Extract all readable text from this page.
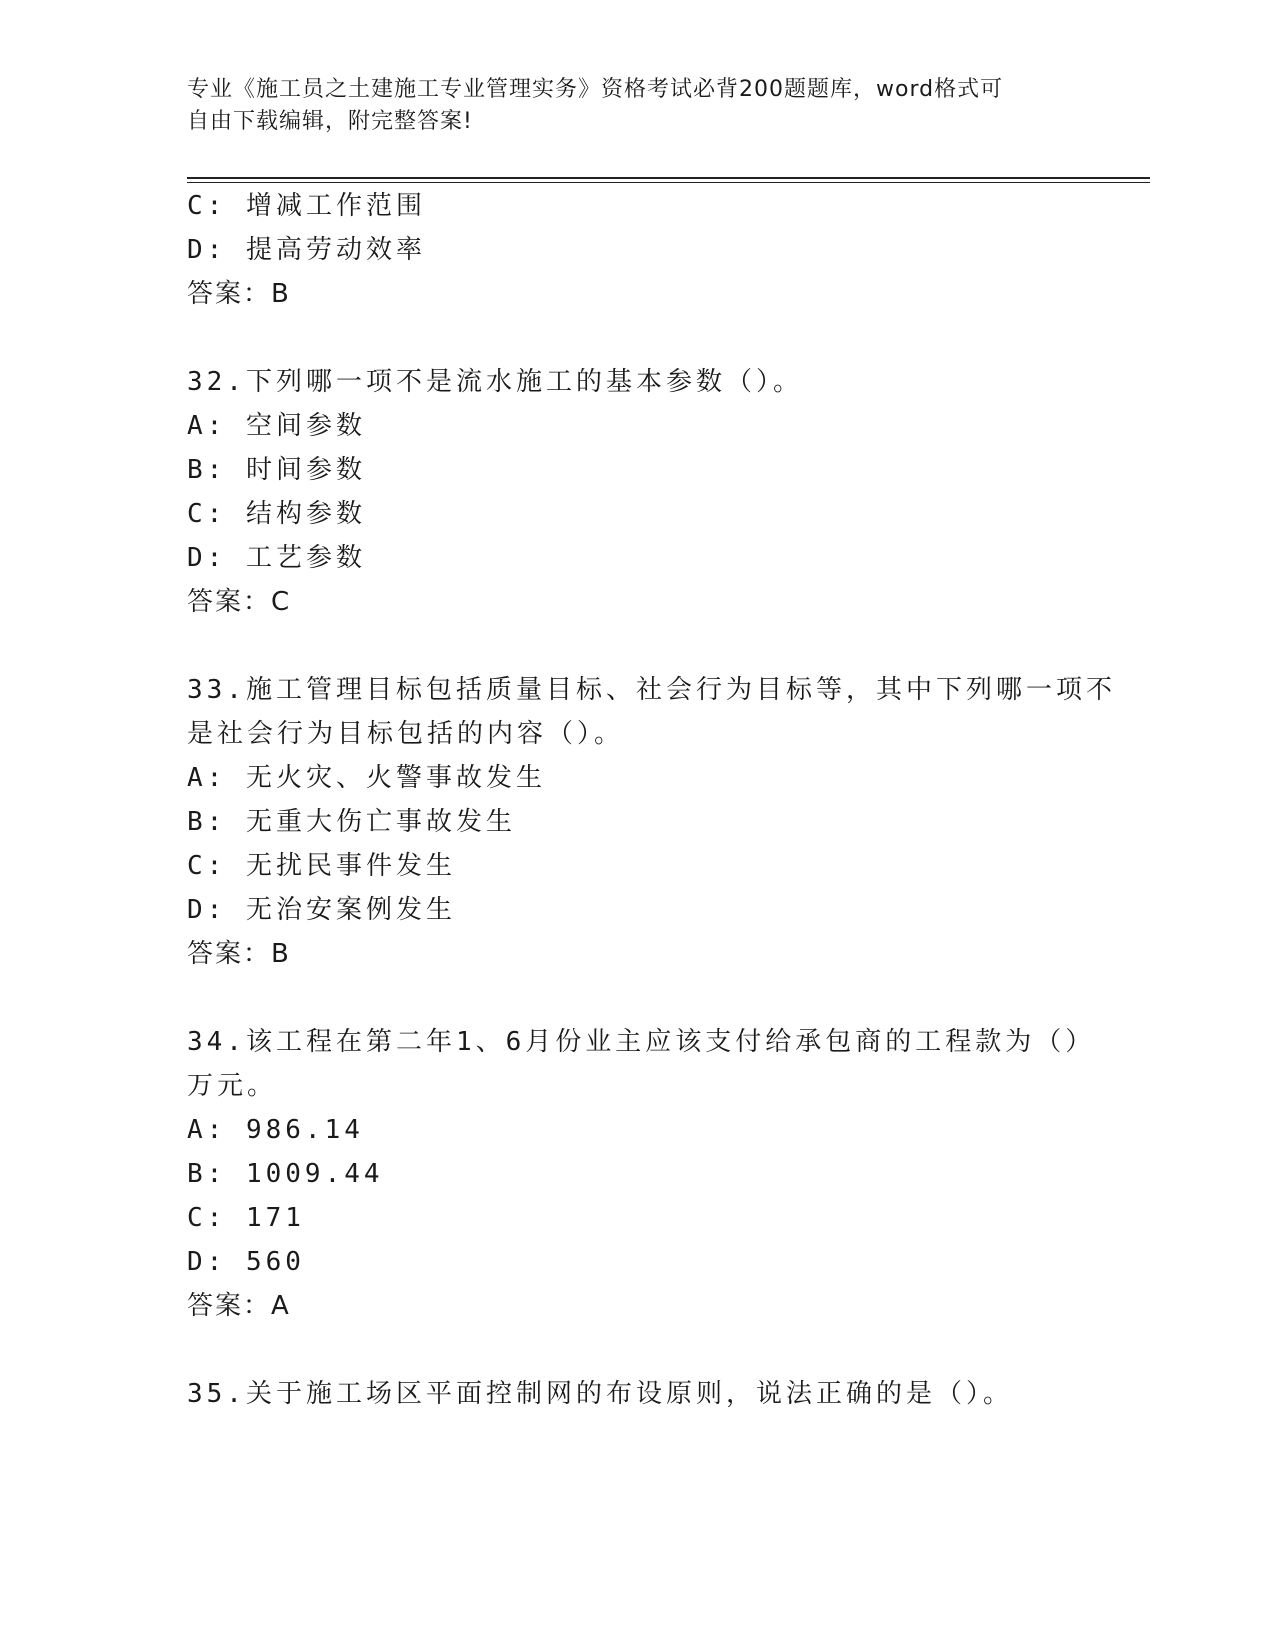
专业《施工员之土建施工专业管理实务》资格考试必背200题题库，word格式可
自由下载编辑，附完整答案!
C: 增减工作范围
D: 提高劳动效率
答案：B
32.下列哪一项不是流水施工的基本参数（）。
A: 空间参数
B: 时间参数
C: 结构参数
D: 工艺参数
答案：C
33.施工管理目标包括质量目标、社会行为目标等，其中下列哪一项不
是社会行为目标包括的内容（）。
A: 无火灾、火警事故发生
B: 无重大伤亡事故发生
C: 无扰民事件发生
D: 无治安案例发生
答案：B
34.该工程在第二年1、6月份业主应该支付给承包商的工程款为（）
万元。
A: 986.14
B: 1009.44
C: 171
D: 560
答案：A
35.关于施工场区平面控制网的布设原则，说法正确的是（）。
